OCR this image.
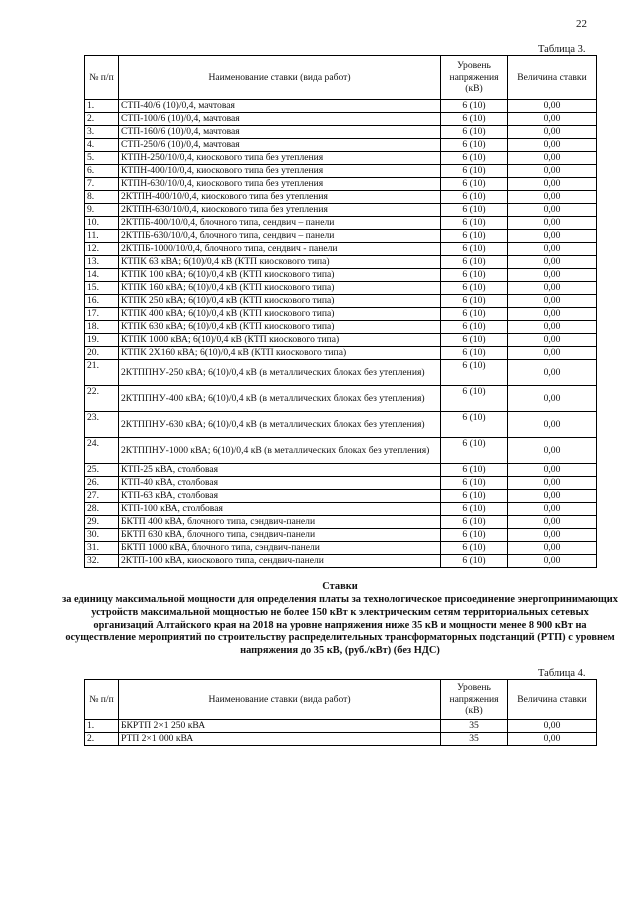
22
Таблица 3.
№ п/п	Наименование ставки (вида работ)	Уровень напряжения (кВ)	Величина ставки
1.	СТП-40/6 (10)/0,4, мачтовая	6 (10)	0,00
2.	СТП-100/6 (10)/0,4, мачтовая	6 (10)	0,00
3.	СТП-160/6 (10)/0,4, мачтовая	6 (10)	0,00
4.	СТП-250/6 (10)/0,4, мачтовая	6 (10)	0,00
5.	КТПН-250/10/0,4, киоскового типа без утепления	6 (10)	0,00
6.	КТПН-400/10/0,4, киоскового типа без утепления	6 (10)	0,00
7.	КТПН-630/10/0,4, киоскового типа без утепления	6 (10)	0,00
8.	2КТПН-400/10/0,4, киоскового типа без утепления	6 (10)	0,00
9.	2КТПН-630/10/0,4, киоскового типа без утепления	6 (10)	0,00
10.	2КТПБ-400/10/0,4, блочного типа, сендвич – панели	6 (10)	0,00
11.	2КТПБ-630/10/0,4, блочного типа, сендвич – панели	6 (10)	0,00
12.	2КТПБ-1000/10/0,4, блочного типа, сендвич - панели	6 (10)	0,00
13.	КТПК 63 кВА; 6(10)/0,4 кВ (КТП киоскового типа)	6 (10)	0,00
14.	КТПК 100 кВА; 6(10)/0,4 кВ (КТП киоскового типа)	6 (10)	0,00
15.	КТПК 160 кВА; 6(10)/0,4 кВ (КТП киоскового типа)	6 (10)	0,00
16.	КТПК 250 кВА; 6(10)/0,4 кВ (КТП киоскового типа)	6 (10)	0,00
17.	КТПК 400 кВА; 6(10)/0,4 кВ (КТП киоскового типа)	6 (10)	0,00
18.	КТПК 630 кВА; 6(10)/0,4 кВ (КТП киоскового типа)	6 (10)	0,00
19.	КТПК 1000 кВА; 6(10)/0,4 кВ (КТП киоскового типа)	6 (10)	0,00
20.	КТПК 2Х160 кВА; 6(10)/0,4 кВ (КТП киоскового типа)	6 (10)	0,00
21.	2КТППНУ-250 кВА; 6(10)/0,4 кВ (в металлических блоках без утепления)	6 (10)	0,00
22.	2КТППНУ-400 кВА; 6(10)/0,4 кВ (в металлических блоках без утепления)	6 (10)	0,00
23.	2КТППНУ-630 кВА; 6(10)/0,4 кВ (в металлических блоках без утепления)	6 (10)	0,00
24.	2КТППНУ-1000 кВА; 6(10)/0,4 кВ (в металлических блоках без утепления)	6 (10)	0,00
25.	КТП-25 кВА, столбовая	6 (10)	0,00
26.	КТП-40 кВА, столбовая	6 (10)	0,00
27.	КТП-63 кВА, столбовая	6 (10)	0,00
28.	КТП-100 кВА, столбовая	6 (10)	0,00
29.	БКТП 400 кВА, блочного типа, сэндвич-панели	6 (10)	0,00
30.	БКТП 630 кВА, блочного типа, сэндвич-панели	6 (10)	0,00
31.	БКТП 1000 кВА, блочного типа, сэндвич-панели	6 (10)	0,00
32.	2КТП-100 кВА, киоскового типа, сендвич-панели	6 (10)	0,00
Ставки
за единицу максимальной мощности для определения платы за технологическое присоединение энергопринимающих устройств максимальной мощностью не более 150 кВт к электрическим сетям территориальных сетевых организаций Алтайского края на 2018 на уровне напряжения ниже 35 кВ и мощности менее 8 900 кВт на осуществление мероприятий по строительству распределительных трансформаторных подстанций (РТП) с уровнем напряжения до 35 кВ, (руб./кВт) (без НДС)
Таблица 4.
№ п/п	Наименование ставки (вида работ)	Уровень напряжения (кВ)	Величина ставки
1.	БКРТП 2×1 250 кВА	35	0,00
2.	РТП 2×1 000 кВА	35	0,00
